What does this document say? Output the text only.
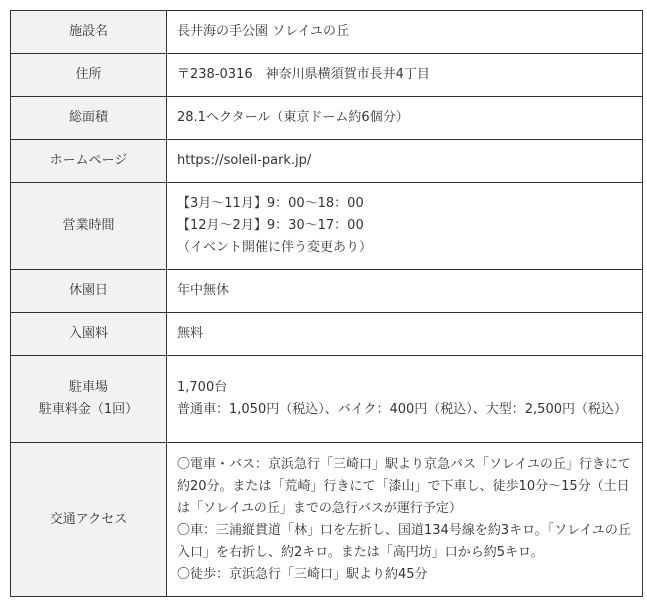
施設名	長井海の手公園 ソレイユの丘

住所	〒238-0316　神奈川県横須賀市長井4丁目

総面積	28.1ヘクタール（東京ドーム約6個分）

ホームページ	https://soleil-park.jp/

営業時間	【3月〜11月】9：00〜18：00
【12月〜2月】9：30〜17：00
（イベント開催に伴う変更あり）

休園日	年中無休

入園料	無料

駐車場
駐車料金（1回）	1,700台
普通車：1,050円（税込）、バイク：400円（税込）、大型：2,500円（税込）

交通アクセス	〇電車・バス：京浜急行「三崎口」駅より京急バス「ソレイユの丘」行きにて約20分。または「荒崎」行きにて「漆山」で下車し、徒歩10分〜15分（土日は「ソレイユの丘」までの急行バスが運行予定）
〇車：三浦縦貫道「林」口を左折し、国道134号線を約3キロ。「ソレイユの丘入口」を右折し、約2キロ。または「高円坊」口から約5キロ。
〇徒歩：京浜急行「三崎口」駅より約45分
